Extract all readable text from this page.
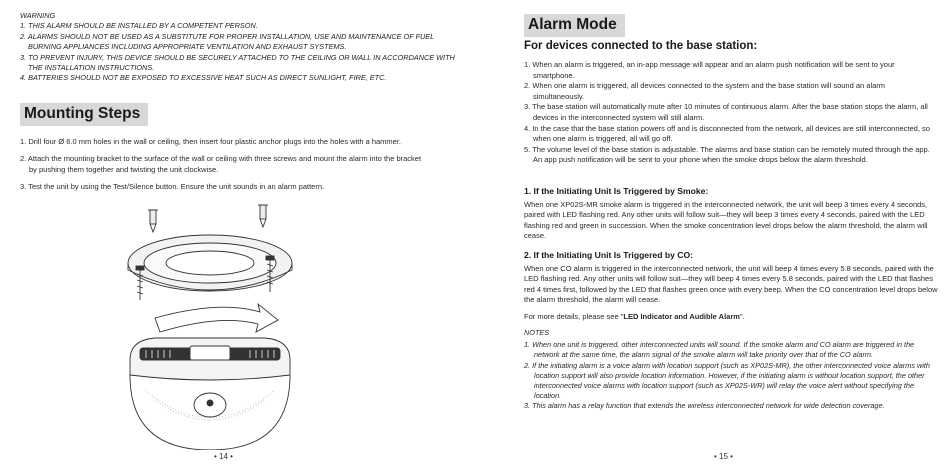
WARNING
1. THIS ALARM SHOULD BE INSTALLED BY A COMPETENT PERSON.
2. ALARMS SHOULD NOT BE USED AS A SUBSTITUTE FOR PROPER INSTALLATION, USE AND MAINTENANCE OF FUEL BURNING APPLIANCES INCLUDING APPROPRIATE VENTILATION AND EXHAUST SYSTEMS.
3. TO PREVENT INJURY, THIS DEVICE SHOULD BE SECURELY ATTACHED TO THE CEILING OR WALL IN ACCORDANCE WITH THE INSTALLATION INSTRUCTIONS.
4. BATTERIES SHOULD NOT BE EXPOSED TO EXCESSIVE HEAT SUCH AS DIRECT SUNLIGHT, FIRE, ETC.
Mounting Steps
1. Drill four Ø 6.0 mm holes in the wall or ceiling, then insert four plastic anchor plugs into the holes with a hammer.
2. Attach the mounting bracket to the surface of the wall or ceiling with three screws and mount the alarm into the bracket by pushing them together and twisting the unit clockwise.
3. Test the unit by using the Test/Silence button. Ensure the unit sounds in an alarm pattern.
• 14 •
Alarm Mode
For devices connected to the base station:
1. When an alarm is triggered, an in-app message will appear and an alarm push notification will be sent to your smartphone.
2. When one alarm is triggered, all devices connected to the system and the base station will sound an alarm simultaneously.
3. The base station will automatically mute after 10 minutes of continuous alarm. After the base station stops the alarm, all devices in the interconnected system will still alarm.
4. In the case that the base station powers off and is disconnected from the network, all devices are still interconnected, so when one alarm is triggered, all will go off.
5. The volume level of the base station is adjustable. The alarms and base station can be remotely muted through the app. An app push notification will be sent to your phone when the smoke drops below the alarm threshold.
1. If the Initiating Unit Is Triggered by Smoke:
When one XP02S-MR smoke alarm is triggered in the interconnected network, the unit will beep 3 times every 4 seconds, paired with LED flashing red. Any other units will follow suit—they will beep 3 times every 4 seconds, paired with the LED flashing red and green in succession. When the smoke concentration level drops below the alarm threshold, the alarm will cease.
2. If the Initiating Unit Is Triggered by CO:
When one CO alarm is triggered in the interconnected network, the unit will beep 4 times every 5.8 seconds, paired with the LED flashing red. Any other units will follow suit—they will beep 4 times every 5.8 seconds, paired with the LED that flashes red 4 times first, followed by the LED that flashes green once with every beep. When the CO concentration level drops below the alarm threshold, the alarm will cease.
For more details, please see "LED Indicator and Audible Alarm".
NOTES
1. When one unit is triggered, other interconnected units will sound. If the smoke alarm and CO alarm are triggered in the network at the same time, the alarm signal of the smoke alarm will take priority over that of the CO alarm.
2. If the initiating alarm is a voice alarm with location support (such as XP02S-MR), the other interconnected voice alarms with location support will also provide location information. However, if the initiating alarm is without location support, the other interconnected voice alarms with location support (such as XP02S-WR) will relay the voice alert without specifying the location.
3. This alarm has a relay function that extends the wireless interconnected network for wide detection coverage.
• 15 •
